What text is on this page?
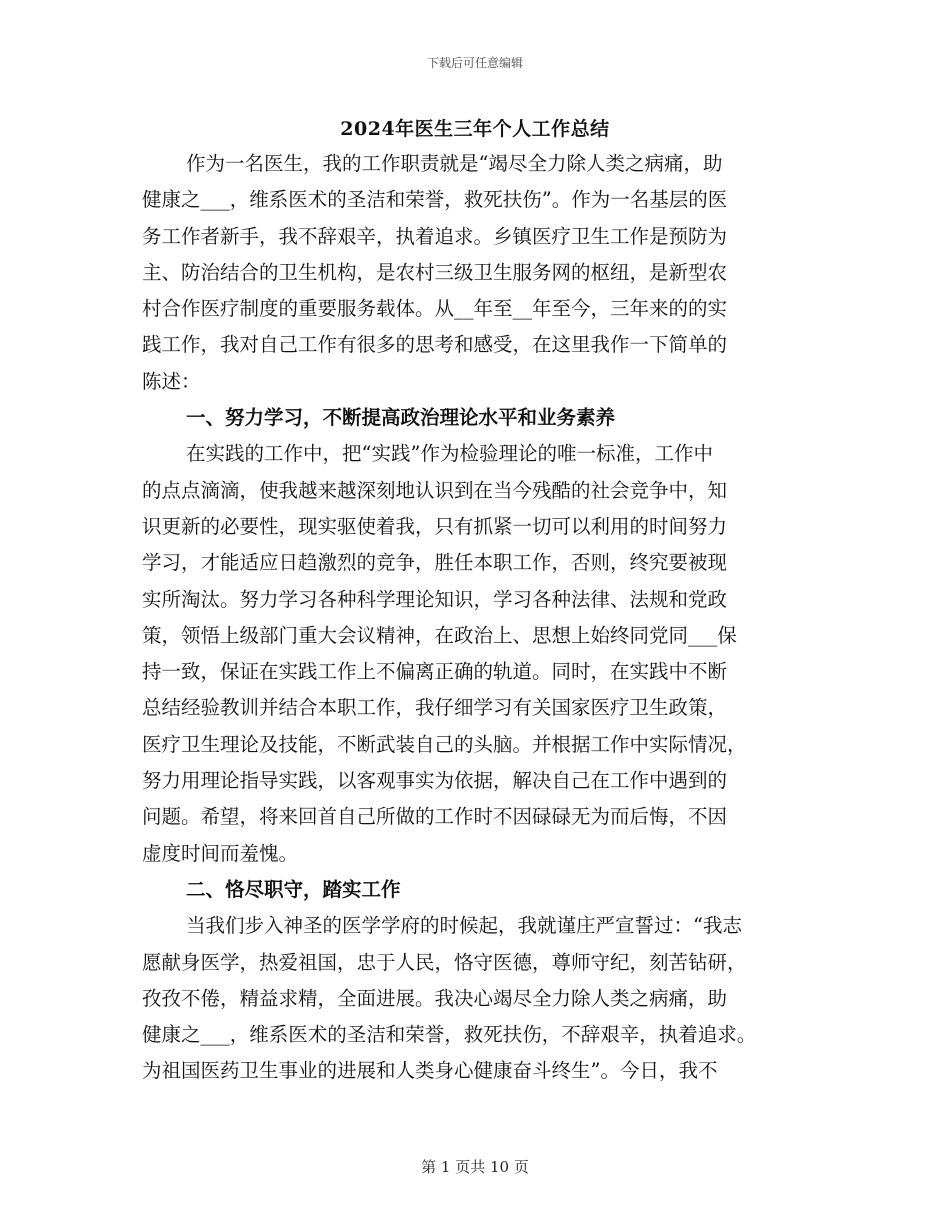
下载后可任意编辑
2024年医生三年个人工作总结
作为一名医生，我的工作职责就是“竭尽全力除人类之病痛，助
健康之___，维系医术的圣洁和荣誉，救死扶伤”。作为一名基层的医
务工作者新手，我不辞艰辛，执着追求。乡镇医疗卫生工作是预防为
主、防治结合的卫生机构，是农村三级卫生服务网的枢纽，是新型农
村合作医疗制度的重要服务载体。从__年至__年至今，三年来的的实
践工作，我对自己工作有很多的思考和感受，在这里我作一下简单的
陈述：
一、努力学习，不断提高政治理论水平和业务素养
在实践的工作中，把“实践”作为检验理论的唯一标准，工作中
的点点滴滴，使我越来越深刻地认识到在当今残酷的社会竞争中，知
识更新的必要性，现实驱使着我，只有抓紧一切可以利用的时间努力
学习，才能适应日趋激烈的竞争，胜任本职工作，否则，终究要被现
实所淘汰。努力学习各种科学理论知识，学习各种法律、法规和党政
策，领悟上级部门重大会议精神，在政治上、思想上始终同党同___保
持一致，保证在实践工作上不偏离正确的轨道。同时，在实践中不断
总结经验教训并结合本职工作，我仔细学习有关国家医疗卫生政策，
医疗卫生理论及技能，不断武装自己的头脑。并根据工作中实际情况，
努力用理论指导实践，以客观事实为依据，解决自己在工作中遇到的
问题。希望，将来回首自己所做的工作时不因碌碌无为而后悔，不因
虚度时间而羞愧。
二、恪尽职守，踏实工作
当我们步入神圣的医学学府的时候起，我就谨庄严宣誓过：“我志
愿献身医学，热爱祖国，忠于人民，恪守医德，尊师守纪，刻苦钻研，
孜孜不倦，精益求精，全面进展。我决心竭尽全力除人类之病痛，助
健康之___，维系医术的圣洁和荣誉，救死扶伤，不辞艰辛，执着追求。
为祖国医药卫生事业的进展和人类身心健康奋斗终生”。今日，我不
第 1 页共 10 页
